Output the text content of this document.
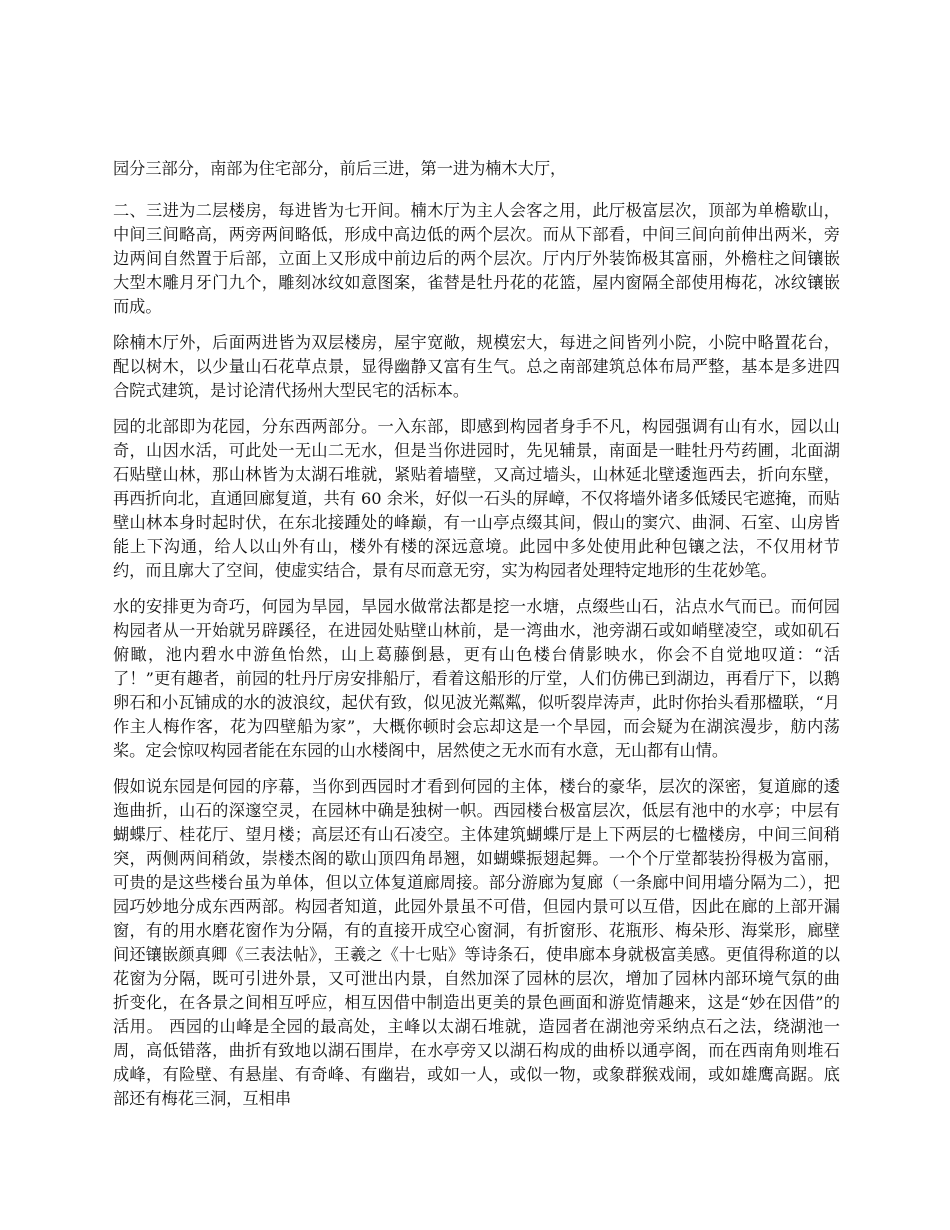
园分三部分，南部为住宅部分，前后三进，第一进为楠木大厅，

二、三进为二层楼房，每进皆为七开间。楠木厅为主人会客之用，此厅极富层次，顶部为单檐歇山，中间三间略高，两旁两间略低，形成中高边低的两个层次。而从下部看，中间三间向前伸出两米，旁边两间自然置于后部，立面上又形成中前边后的两个层次。厅内厅外装饰极其富丽，外檐柱之间镶嵌大型木雕月牙门九个，雕刻冰纹如意图案，雀替是牡丹花的花篮，屋内窗隔全部使用梅花，冰纹镶嵌而成。

除楠木厅外，后面两进皆为双层楼房，屋宇宽敞，规模宏大，每进之间皆列小院，小院中略置花台，配以树木，以少量山石花草点景，显得幽静又富有生气。总之南部建筑总体布局严整，基本是多进四合院式建筑，是讨论清代扬州大型民宅的活标本。

园的北部即为花园，分东西两部分。一入东部，即感到构园者身手不凡，构园强调有山有水，园以山奇，山因水活，可此处一无山二无水，但是当你进园时，先见辅景，南面是一畦牡丹芍药圃，北面湖石贴壁山林，那山林皆为太湖石堆就，紧贴着墙壁，又高过墙头，山林延北壁逶迤西去，折向东壁，再西折向北，直通回廊复道，共有 60 余米，好似一石头的屏嶂，不仅将墙外诸多低矮民宅遮掩，而贴壁山林本身时起时伏，在东北接踵处的峰巅，有一山亭点缀其间，假山的窦穴、曲洞、石室、山房皆能上下沟通，给人以山外有山，楼外有楼的深远意境。此园中多处使用此种包镶之法，不仅用材节约，而且廓大了空间，使虚实结合，景有尽而意无穷，实为构园者处理特定地形的生花妙笔。

水的安排更为奇巧，何园为旱园，旱园水做常法都是挖一水塘，点缀些山石，沾点水气而已。而何园构园者从一开始就另辟蹊径，在进园处贴壁山林前，是一湾曲水，池旁湖石或如峭壁凌空，或如矶石俯瞰，池内碧水中游鱼怡然，山上葛藤倒悬，更有山色楼台倩影映水，你会不自觉地叹道：“活了！”更有趣者，前园的牡丹厅房安排船厅，看着这船形的厅堂，人们仿佛已到湖边，再看厅下，以鹅卵石和小瓦铺成的水的波浪纹，起伏有致，似见波光粼粼，似听裂岸涛声，此时你抬头看那楹联，“月作主人梅作客，花为四壁船为家”，大概你顿时会忘却这是一个旱园，而会疑为在湖滨漫步，舫内荡桨。定会惊叹构园者能在东园的山水楼阁中，居然使之无水而有水意，无山都有山情。

假如说东园是何园的序幕，当你到西园时才看到何园的主体，楼台的豪华，层次的深密，复道廊的逶迤曲折，山石的深邃空灵，在园林中确是独树一帜。西园楼台极富层次，低层有池中的水亭；中层有蝴蝶厅、桂花厅、望月楼；高层还有山石凌空。主体建筑蝴蝶厅是上下两层的七楹楼房，中间三间稍突，两侧两间稍敛，崇楼杰阁的歇山顶四角昂翘，如蝴蝶振翅起舞。一个个厅堂都装扮得极为富丽，可贵的是这些楼台虽为单体，但以立体复道廊周接。部分游廊为复廊（一条廊中间用墙分隔为二），把园巧妙地分成东西两部。构园者知道，此园外景虽不可借，但园内景可以互借，因此在廊的上部开漏窗，有的用水磨花窗作为分隔，有的直接开成空心窗洞，有折窗形、花瓶形、梅朵形、海棠形，廊壁间还镶嵌颜真卿《三表法帖》，王羲之《十七贴》等诗条石，使串廊本身就极富美感。更值得称道的以花窗为分隔，既可引进外景，又可泄出内景，自然加深了园林的层次，增加了园林内部环境气氛的曲折变化，在各景之间相互呼应，相互因借中制造出更美的景色画面和游览情趣来，这是“妙在因借”的活用。 西园的山峰是全园的最高处，主峰以太湖石堆就，造园者在湖池旁采纳点石之法，绕湖池一周，高低错落，曲折有致地以湖石围岸，在水亭旁又以湖石构成的曲桥以通亭阁，而在西南角则堆石成峰，有险壁、有悬崖、有奇峰、有幽岩，或如一人，或似一物，或象群猴戏闹，或如雄鹰高踞。底部还有梅花三洞，互相串
